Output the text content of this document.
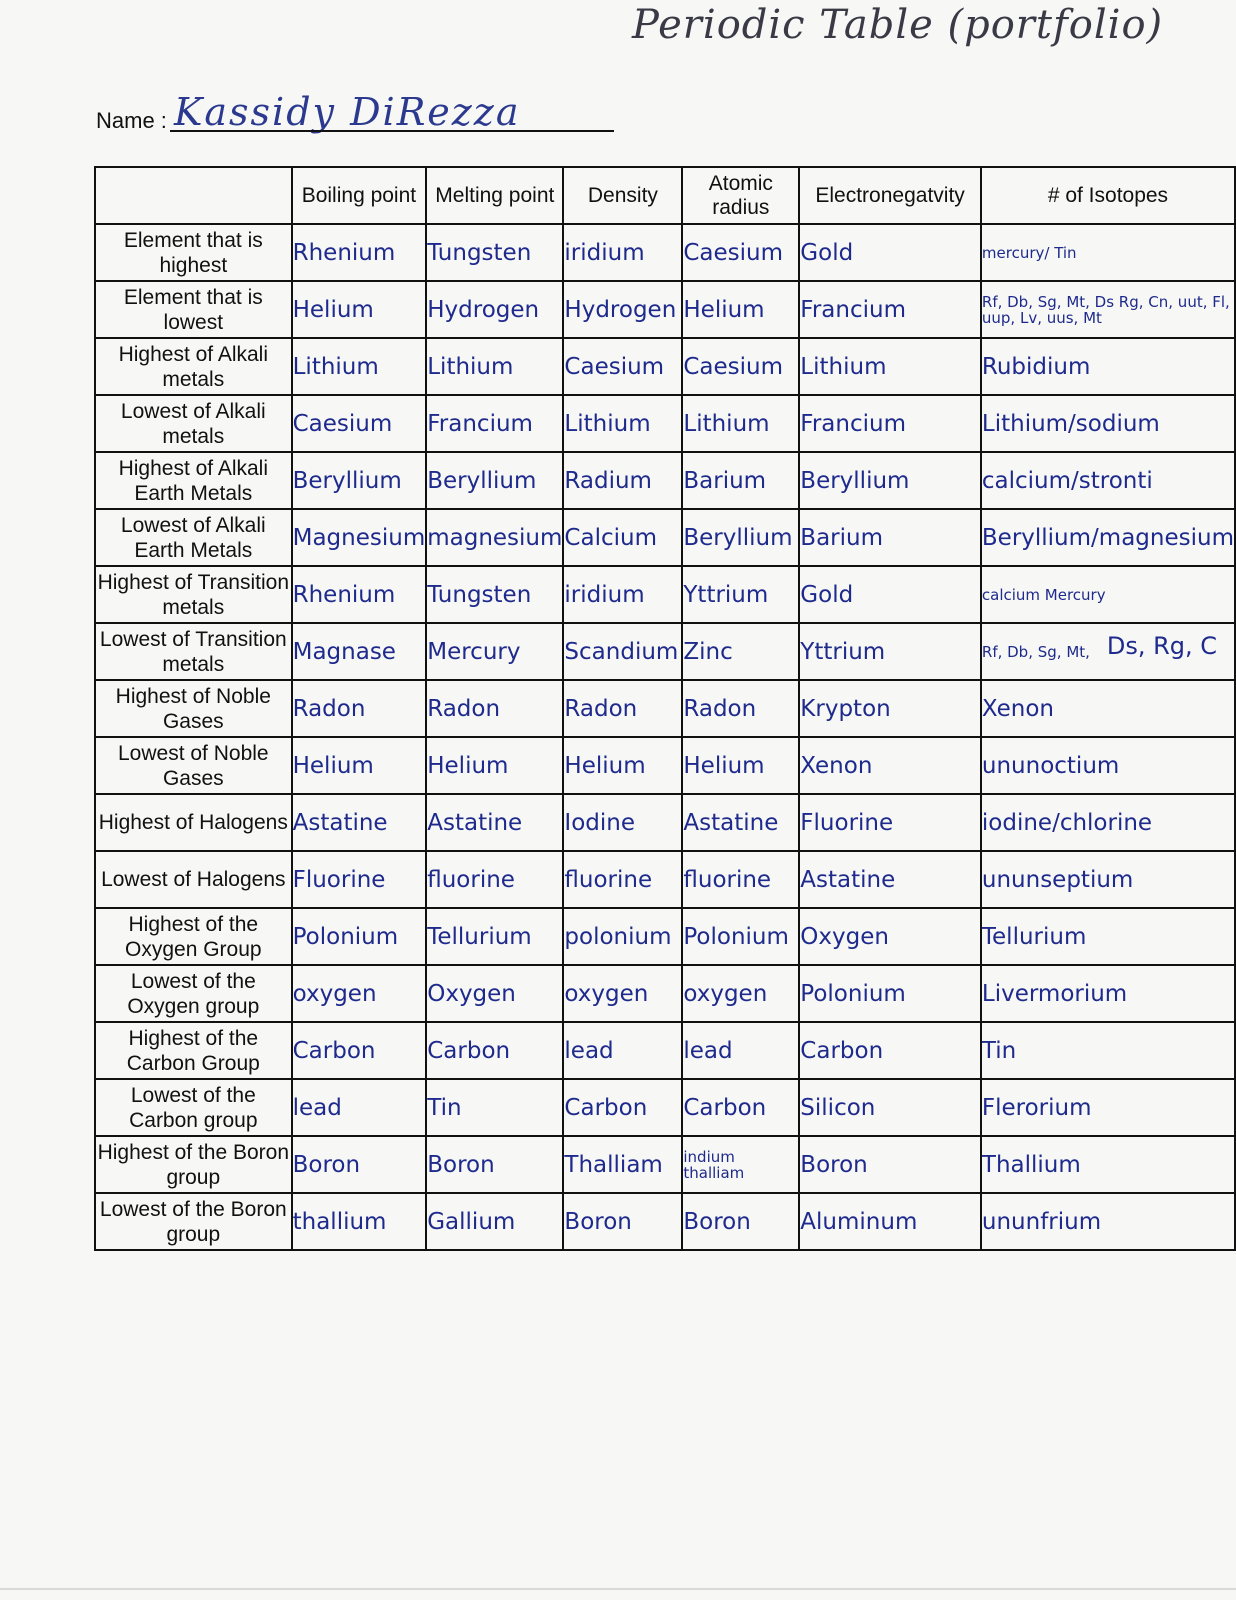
Periodic Table (portfolio)
Name : Kassidy DiRezza
	Boiling point	Melting point	Density	Atomic radius	Electronegatvity	# of Isotopes
Element that is highest	Rhenium	Tungsten	iridium	Caesium	Gold	mercury/ Tin
Element that is lowest	Helium	Hydrogen	Hydrogen	Helium	Francium	Rf, Db, Sg, Mt, Ds Rg, Cn, uut, Fl, uup, Lv, uus, Mt
Highest of Alkali metals	Lithium	Lithium	Caesium	Caesium	Lithium	Rubidium
Lowest of Alkali metals	Caesium	Francium	Lithium	Lithium	Francium	Lithium/sodium
Highest of Alkali Earth Metals	Beryllium	Beryllium	Radium	Barium	Beryllium	calcium/stronti
Lowest of Alkali Earth Metals	Magnesium	magnesium	Calcium	Beryllium	Barium	Beryllium/magnesium
Highest of Transition metals	Rhenium	Tungsten	iridium	Yttrium	Gold	calcium Mercury
Lowest of Transition metals	Magnase	Mercury	Scandium	Zinc	Yttrium	Rf, Db, Sg, Mt, Ds, Rg, C

Highest of Noble Gases	Radon	Radon	Radon	Radon	Krypton	Xenon
Lowest of Noble Gases	Helium	Helium	Helium	Helium	Xenon	ununoctium
Highest of Halogens	Astatine	Astatine	Iodine	Astatine	Fluorine	iodine/chlorine
Lowest of Halogens	Fluorine	fluorine	fluorine	fluorine	Astatine	ununseptium
Highest of the Oxygen Group	Polonium	Tellurium	polonium	Polonium	Oxygen	Tellurium
Lowest of the Oxygen group	oxygen	Oxygen	oxygen	oxygen	Polonium	Livermorium
Highest of the Carbon Group	Carbon	Carbon	lead	lead	Carbon	Tin
Lowest of the Carbon group	lead	Tin	Carbon	Carbon	Silicon	Flerorium
Highest of the Boron group	Boron	Boron	Thalliam	indium thalliam	Boron	Thallium
Lowest of the Boron group	thallium	Gallium	Boron	Boron	Aluminum	ununfrium
